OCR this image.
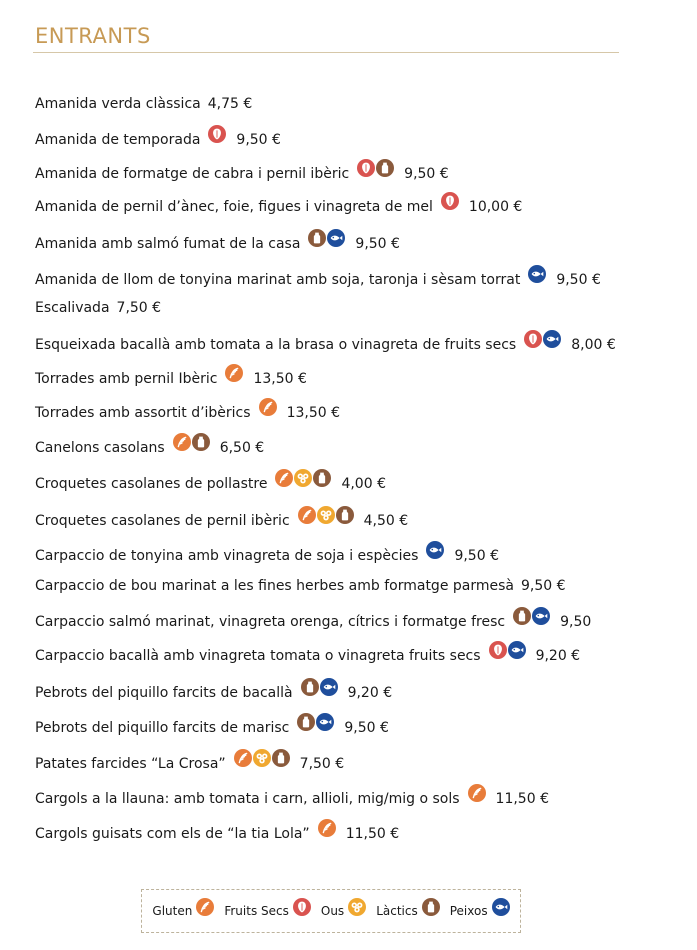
ENTRANTS
Amanida verda clàssica 4,75 €
Amanida de temporada	9,50 €
Amanida de formatge de cabra i pernil ibèric	9,50 €
Amanida de pernil d’ànec, foie, figues i vinagreta de mel	10,00 €
Amanida amb salmó fumat de la casa	9,50 €
Amanida de llom de tonyina marinat amb soja, taronja i sèsam torrat	9,50 €
Escalivada 7,50 €
Esqueixada bacallà amb tomata a la brasa o vinagreta de fruits secs	8,00 €
Torrades amb pernil Ibèric	13,50 €
Torrades amb assortit d’ibèrics	13,50 €
Canelons casolans	6,50 €
Croquetes casolanes de pollastre	4,00 €
Croquetes casolanes de pernil ibèric	4,50 €
Carpaccio de tonyina amb vinagreta de soja i espècies	9,50 €
Carpaccio de bou marinat a les fines herbes amb formatge parmesà 9,50 €
Carpaccio salmó marinat, vinagreta orenga, cítrics i formatge fresc	9,50
Carpaccio bacallà amb vinagreta tomata o vinagreta fruits secs	9,20 €
Pebrots del piquillo farcits de bacallà	9,20 €
Pebrots del piquillo farcits de marisc	9,50 €
Patates farcides “La Crosa”	7,50 €
Cargols a la llauna: amb tomata i carn, allioli, mig/mig o sols	11,50 €
Cargols guisats com els de “la tia Lola”	11,50 €
Gluten	Fruits Secs	Ous	Làctics	Peixos
